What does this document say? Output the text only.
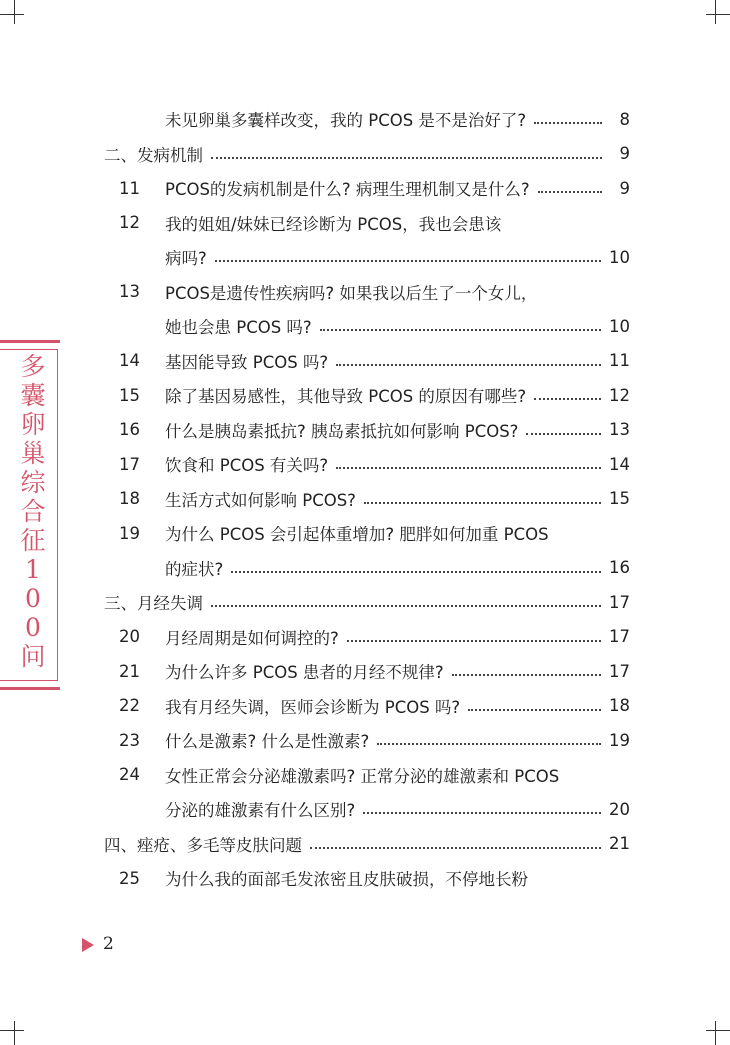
多囊卵巢综合征 100问
未见卵巢多囊样改变，我的 PCOS 是不是治好了?	8
二、发病机制	9
11 PCOS的发病机制是什么? 病理生理机制又是什么?	9
12 我的姐姐/妹妹已经诊断为 PCOS，我也会患该
病吗?	10
13 PCOS是遗传性疾病吗? 如果我以后生了一个女儿，
她也会患 PCOS 吗?	10
14 基因能导致 PCOS 吗?	11
15 除了基因易感性，其他导致 PCOS 的原因有哪些?	12
16 什么是胰岛素抵抗? 胰岛素抵抗如何影响 PCOS?	13
17 饮食和 PCOS 有关吗?	14
18 生活方式如何影响 PCOS?	15
19 为什么 PCOS 会引起体重增加? 肥胖如何加重 PCOS
的症状?	16
三、月经失调	17
20 月经周期是如何调控的?	17
21 为什么许多 PCOS 患者的月经不规律?	17
22 我有月经失调，医师会诊断为 PCOS 吗?	18
23 什么是激素? 什么是性激素?	19
24 女性正常会分泌雄激素吗? 正常分泌的雄激素和 PCOS
分泌的雄激素有什么区别?	20
四、痤疮、多毛等皮肤问题	21
25 为什么我的面部毛发浓密且皮肤破损，不停地长粉
2
